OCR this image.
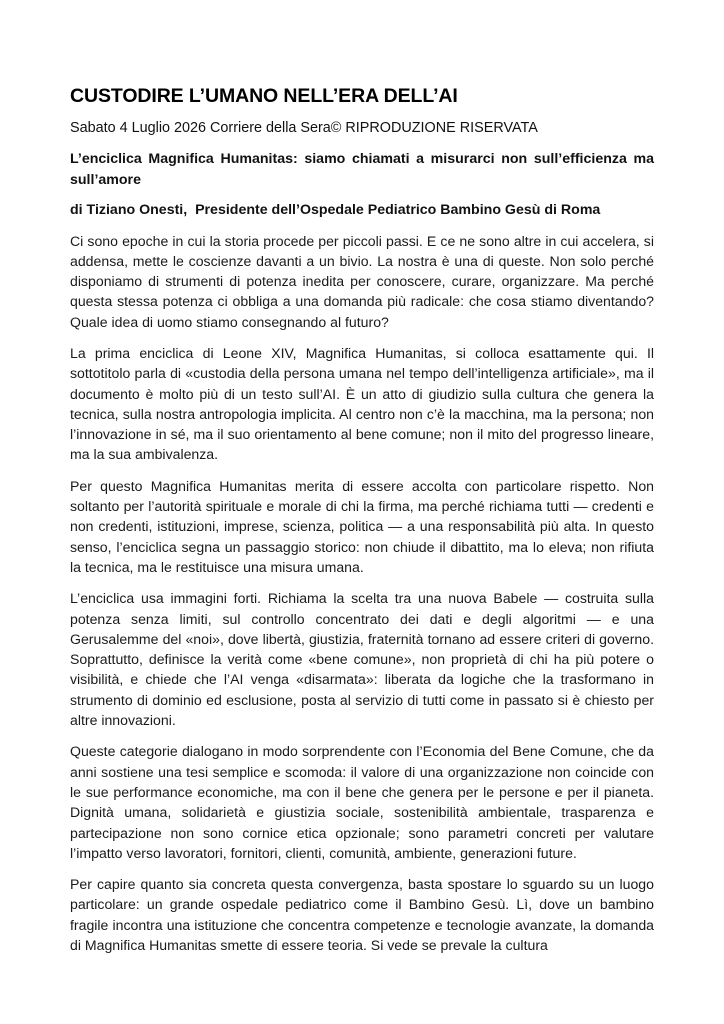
CUSTODIRE L’UMANO NELL’ERA DELL’AI

Sabato 4 Luglio 2026 Corriere della Sera© RIPRODUZIONE RISERVATA

L’enciclica Magnifica Humanitas: siamo chiamati a misurarci non sull’efficienza ma sull’amore

di Tiziano Onesti,  Presidente dell’Ospedale Pediatrico Bambino Gesù di Roma

Ci sono epoche in cui la storia procede per piccoli passi. E ce ne sono altre in cui accelera, si addensa, mette le coscienze davanti a un bivio. La nostra è una di queste. Non solo perché disponiamo di strumenti di potenza inedita per conoscere, curare, organizzare. Ma perché questa stessa potenza ci obbliga a una domanda più radicale: che cosa stiamo diventando? Quale idea di uomo stiamo consegnando al futuro?

La prima enciclica di Leone XIV, Magnifica Humanitas, si colloca esattamente qui. Il sottotitolo parla di «custodia della persona umana nel tempo dell’intelligenza artificiale», ma il documento è molto più di un testo sull’AI. È un atto di giudizio sulla cultura che genera la tecnica, sulla nostra antropologia implicita. Al centro non c’è la macchina, ma la persona; non l’innovazione in sé, ma il suo orientamento al bene comune; non il mito del progresso lineare, ma la sua ambivalenza.

Per questo Magnifica Humanitas merita di essere accolta con particolare rispetto. Non soltanto per l’autorità spirituale e morale di chi la firma, ma perché richiama tutti — credenti e non credenti, istituzioni, imprese, scienza, politica — a una responsabilità più alta. In questo senso, l’enciclica segna un passaggio storico: non chiude il dibattito, ma lo eleva; non rifiuta la tecnica, ma le restituisce una misura umana.

L’enciclica usa immagini forti. Richiama la scelta tra una nuova Babele — costruita sulla potenza senza limiti, sul controllo concentrato dei dati e degli algoritmi — e una Gerusalemme del «noi», dove libertà, giustizia, fraternità tornano ad essere criteri di governo. Soprattutto, definisce la verità come «bene comune», non proprietà di chi ha più potere o visibilità, e chiede che l’AI venga «disarmata»: liberata da logiche che la trasformano in strumento di dominio ed esclusione, posta al servizio di tutti come in passato si è chiesto per altre innovazioni.

Queste categorie dialogano in modo sorprendente con l’Economia del Bene Comune, che da anni sostiene una tesi semplice e scomoda: il valore di una organizzazione non coincide con le sue performance economiche, ma con il bene che genera per le persone e per il pianeta. Dignità umana, solidarietà e giustizia sociale, sostenibilità ambientale, trasparenza e partecipazione non sono cornice etica opzionale; sono parametri concreti per valutare l’impatto verso lavoratori, fornitori, clienti, comunità, ambiente, generazioni future.

Per capire quanto sia concreta questa convergenza, basta spostare lo sguardo su un luogo particolare: un grande ospedale pediatrico come il Bambino Gesù. Lì, dove un bambino fragile incontra una istituzione che concentra competenze e tecnologie avanzate, la domanda di Magnifica Humanitas smette di essere teoria. Si vede se prevale la cultura
